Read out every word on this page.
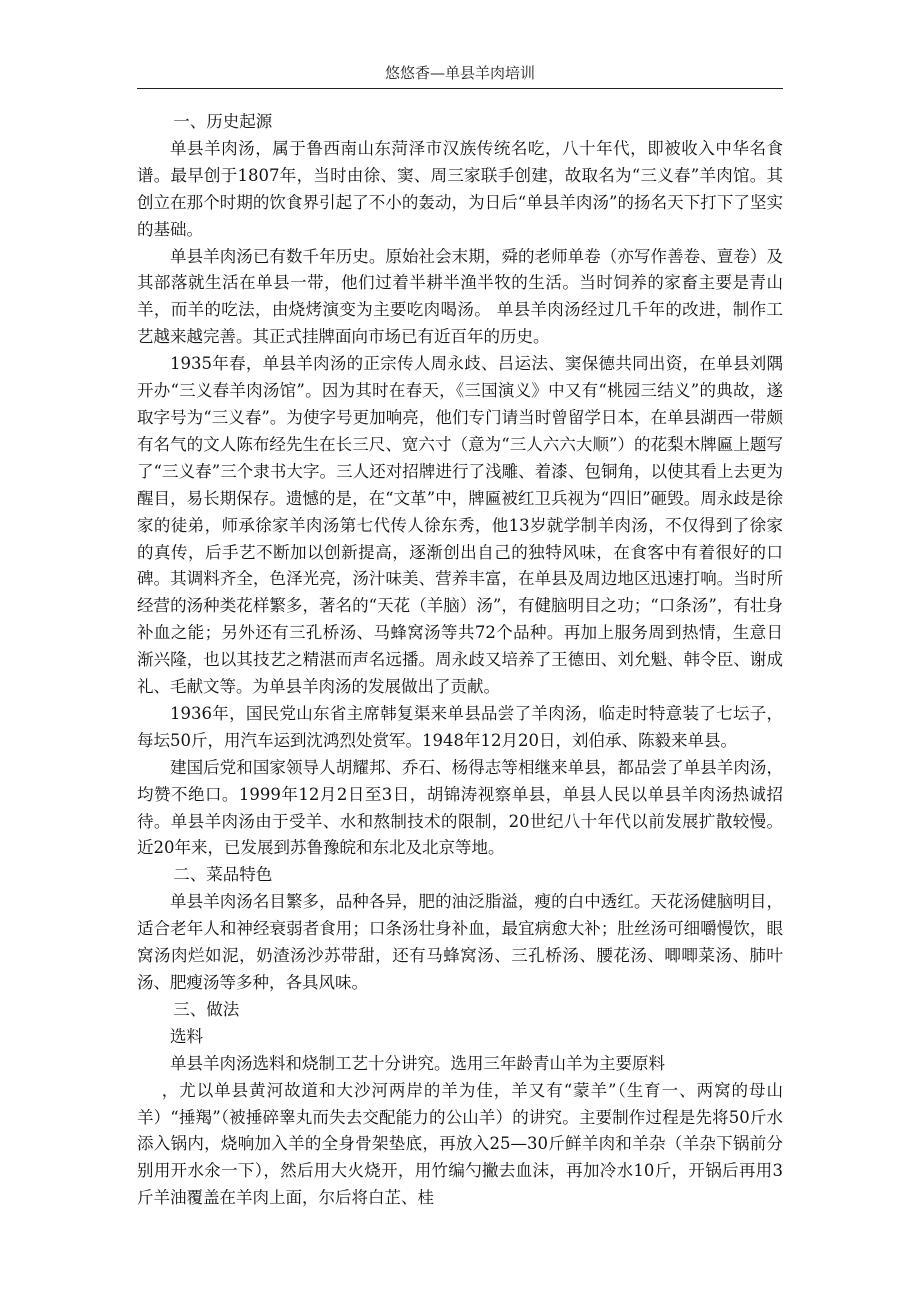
悠悠香—单县羊肉培训

一、历史起源

单县羊肉汤，属于鲁西南山东菏泽市汉族传统名吃，八十年代，即被收入中华名食谱。最早创于1807年，当时由徐、窦、周三家联手创建，故取名为“三义春”羊肉馆。其创立在那个时期的饮食界引起了不小的轰动，为日后“单县羊肉汤”的扬名天下打下了坚实的基础。

单县羊肉汤已有数千年历史。原始社会末期，舜的老师单卷（亦写作善卷、亶卷）及其部落就生活在单县一带，他们过着半耕半渔半牧的生活。当时饲养的家畜主要是青山羊，而羊的吃法，由烧烤演变为主要吃肉喝汤。 单县羊肉汤经过几千年的改进，制作工艺越来越完善。其正式挂牌面向市场已有近百年的历史。

1935年春，单县羊肉汤的正宗传人周永歧、吕运法、窦保德共同出资，在单县刘隅开办“三义春羊肉汤馆”。因为其时在春天，《三国演义》中又有“桃园三结义”的典故，遂取字号为“三义春”。为使字号更加响亮，他们专门请当时曾留学日本，在单县湖西一带颇有名气的文人陈布经先生在长三尺、宽六寸（意为“三人六六大顺”）的花梨木牌匾上题写了“三义春”三个隶书大字。三人还对招牌进行了浅雕、着漆、包铜角，以使其看上去更为醒目，易长期保存。遗憾的是，在“文革”中，牌匾被红卫兵视为“四旧”砸毁。周永歧是徐家的徒弟，师承徐家羊肉汤第七代传人徐东秀，他13岁就学制羊肉汤，不仅得到了徐家的真传，后手艺不断加以创新提高，逐渐创出自己的独特风味，在食客中有着很好的口碑。其调料齐全，色泽光亮，汤汁味美、营养丰富，在单县及周边地区迅速打响。当时所经营的汤种类花样繁多，著名的“天花（羊脑）汤”，有健脑明目之功；“口条汤”，有壮身补血之能；另外还有三孔桥汤、马蜂窝汤等共72个品种。再加上服务周到热情，生意日渐兴隆，也以其技艺之精湛而声名远播。周永歧又培养了王德田、刘允魁、韩令臣、谢成礼、毛献文等。为单县羊肉汤的发展做出了贡献。

1936年，国民党山东省主席韩复渠来单县品尝了羊肉汤，临走时特意装了七坛子，每坛50斤，用汽车运到沈鸿烈处赏军。1948年12月20日，刘伯承、陈毅来单县。

建国后党和国家领导人胡耀邦、乔石、杨得志等相继来单县，都品尝了单县羊肉汤，均赞不绝口。1999年12月2日至3日，胡锦涛视察单县，单县人民以单县羊肉汤热诚招待。单县羊肉汤由于受羊、水和熬制技术的限制，20世纪八十年代以前发展扩散较慢。近20年来，已发展到苏鲁豫皖和东北及北京等地。

二、菜品特色

单县羊肉汤名目繁多，品种各异，肥的油泛脂溢，瘦的白中透红。天花汤健脑明目，适合老年人和神经衰弱者食用；口条汤壮身补血，最宜病愈大补；肚丝汤可细嚼慢饮，眼窝汤肉烂如泥，奶渣汤沙苏带甜，还有马蜂窝汤、三孔桥汤、腰花汤、唧唧菜汤、肺叶汤、肥瘦汤等多种，各具风味。

三、做法

选料

单县羊肉汤选料和烧制工艺十分讲究。选用三年龄青山羊为主要原料

，尤以单县黄河故道和大沙河两岸的羊为佳，羊又有“蒙羊”（生育一、两窝的母山羊）“捶羯”（被捶碎睾丸而失去交配能力的公山羊）的讲究。主要制作过程是先将50斤水添入锅内，烧响加入羊的全身骨架垫底，再放入25—30斤鲜羊肉和羊杂（羊杂下锅前分别用开水氽一下），然后用大火烧开，用竹编勺撇去血沫，再加冷水10斤，开锅后再用3斤羊油覆盖在羊肉上面，尔后将白芷、桂
